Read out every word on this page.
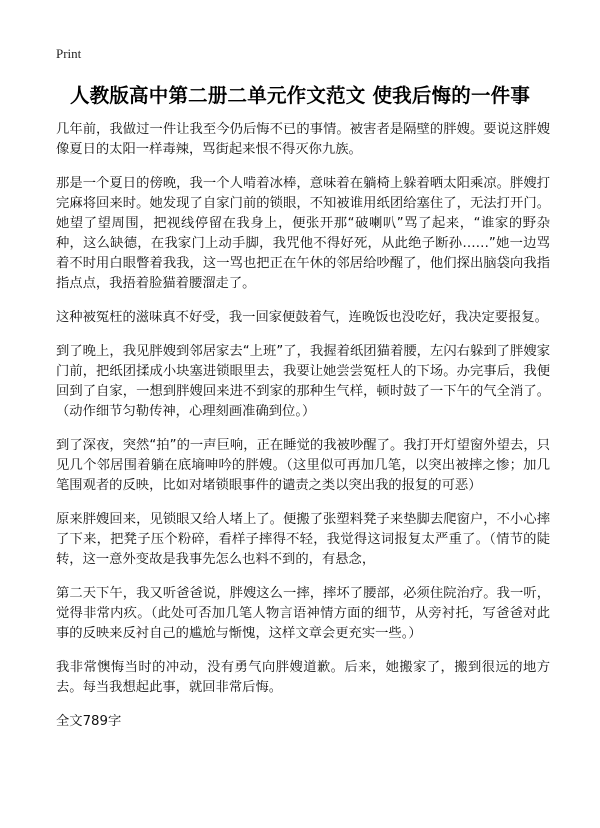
Print
人教版高中第二册二单元作文范文 使我后悔的一件事

几年前，我做过一件让我至今仍后悔不已的事情。被害者是隔壁的胖嫂。要说这胖嫂像夏日的太阳一样毒辣，骂街起来恨不得灭你九族。

那是一个夏日的傍晚，我一个人啃着冰棒，意味着在躺椅上躲着晒太阳乘凉。胖嫂打完麻将回来时。她发现了自家门前的锁眼，不知被谁用纸团给塞住了，无法打开门。她望了望周围，把视线停留在我身上，便张开那“破喇叭”骂了起来，“谁家的野杂种，这么缺德，在我家门上动手脚，我咒他不得好死，从此绝子断孙……”她一边骂着不时用白眼瞥着我我，这一骂也把正在午休的邻居给吵醒了，他们探出脑袋向我指指点点，我捂着脸猫着腰溜走了。

这种被冤枉的滋味真不好受，我一回家便鼓着气，连晚饭也没吃好，我决定要报复。

到了晚上，我见胖嫂到邻居家去“上班”了，我握着纸团猫着腰，左闪右躲到了胖嫂家门前，把纸团揉成小块塞进锁眼里去，我要让她尝尝冤枉人的下场。办完事后，我便回到了自家，一想到胖嫂回来进不到家的那种生气样，顿时鼓了一下午的气全消了。（动作细节匀勒传神，心理刻画准确到位。）

到了深夜，突然“拍”的一声巨响，正在睡觉的我被吵醒了。我打开灯望窗外望去，只见几个邻居围着躺在底墒呻吟的胖嫂。（这里似可再加几笔，以突出被摔之惨；加几笔围观者的反映，比如对堵锁眼事件的谴责之类以突出我的报复的可恶）

原来胖嫂回来，见锁眼又给人堵上了。便搬了张塑料凳子来垫脚去爬窗户，不小心摔了下来，把凳子压个粉碎，看样子摔得不轻，我觉得这词报复太严重了。（情节的陡转，这一意外变故是我事先怎么也料不到的，有悬念，

第二天下午，我又听爸爸说，胖嫂这么一摔，摔坏了腰部，必须住院治疗。我一听，觉得非常内疚。（此处可否加几笔人物言语神情方面的细节，从旁衬托，写爸爸对此事的反映来反衬自己的尴尬与惭愧，这样文章会更充实一些。）

我非常懊悔当时的冲动，没有勇气向胖嫂道歉。后来，她搬家了，搬到很远的地方去。每当我想起此事，就回非常后悔。

全文789字
